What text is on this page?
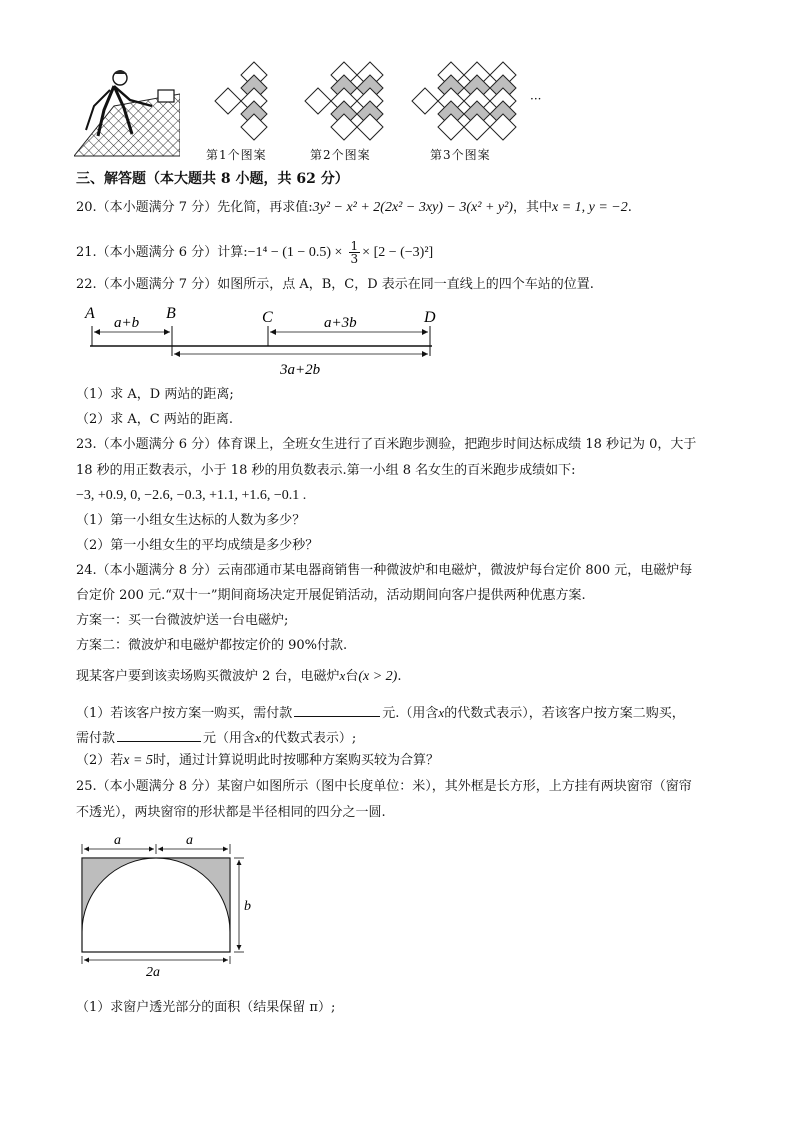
···
第1个图案	第2个图案	第3个图案
三、解答题（本大题共 8 小题，共 62 分）
20.（本小题满分 7 分）先化简，再求值:3y² − x² + 2(2x² − 3xy) − 3(x² + y²)，其中x = 1, y = −2.
21.（本小题满分 6 分）计算:−1⁴ − $(1 - 0.5) \times \frac{1}{3} \times [2 - (-3)^2]$
22.（本小题满分 7 分）如图所示，点 A，B，C，D 表示在同一直线上的四个车站的位置.
A	B	C	D
a+b	a+3b
3a+2b
（1）求 A，D 两站的距离;
（2）求 A，C 两站的距离.
23.（本小题满分 6 分）体育课上，全班女生进行了百米跑步测验，把跑步时间达标成绩 18 秒记为 0，大于
18 秒的用正数表示，小于 18 秒的用负数表示.第一小组 8 名女生的百米跑步成绩如下:
−3, +0.9, 0, −2.6, −0.3, +1.1, +1.6, −0.1 .
（1）第一小组女生达标的人数为多少？
（2）第一小组女生的平均成绩是多少秒？
24.（本小题满分 8 分）云南邵通市某电器商销售一种微波炉和电磁炉，微波炉每台定价 800 元，电磁炉每
台定价 200 元.“双十一”期间商场决定开展促销活动，活动期间向客户提供两种优惠方案.
方案一：买一台微波炉送一台电磁炉;
方案二：微波炉和电磁炉都按定价的 90%付款.
现某客户要到该卖场购买微波炉 2 台，电磁炉x台(x > 2).
（1）若该客户按方案一购买，需付款	元.（用含x的代数式表示），若该客户按方案二购买，
需付款	元（用含x的代数式表示）;
（2）若x = 5时，通过计算说明此时按哪种方案购买较为合算？
25.（本小题满分 8 分）某窗户如图所示（图中长度单位：米），其外框是长方形，上方挂有两块窗帘（窗帘
不透光），两块窗帘的形状都是半径相同的四分之一圆.
a	a
b
2a
（1）求窗户透光部分的面积（结果保留 π）;
